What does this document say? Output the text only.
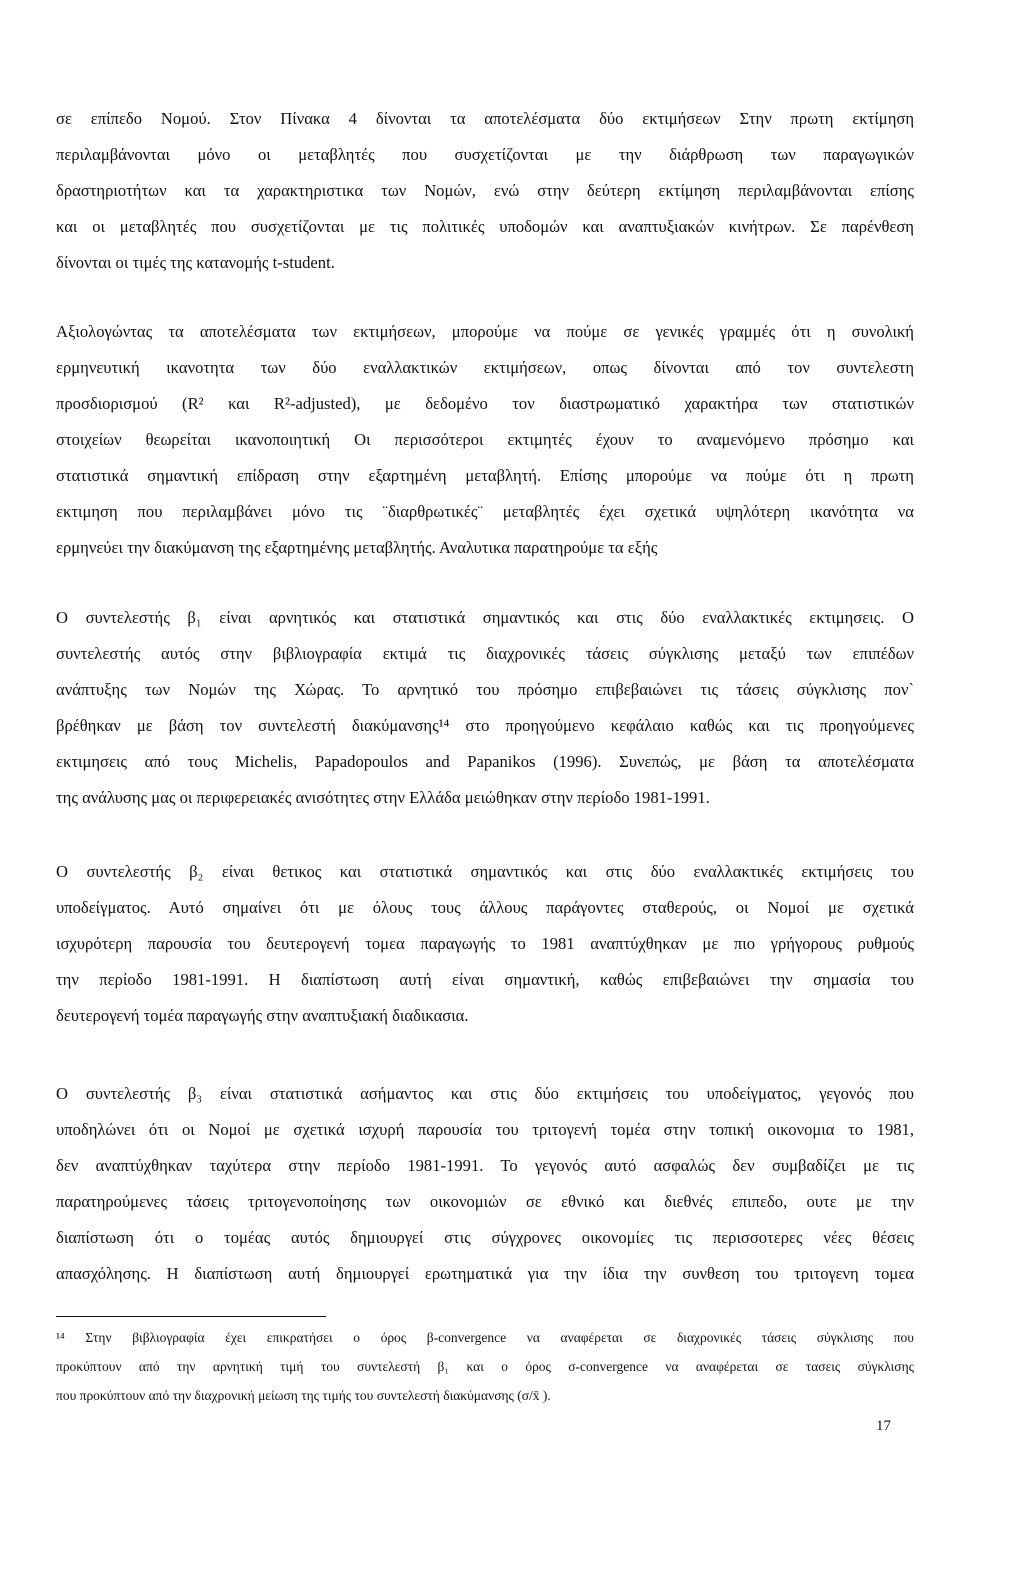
σε επίπεδο Νομού. Στον Πίνακα 4 δίνονται τα αποτελέσματα δύο εκτιμήσεων Στην πρωτη εκτίμηση
περιλαμβάνονται μόνο οι μεταβλητές που συσχετίζονται με την διάρθρωση των παραγωγικών
δραστηριοτήτων και τα χαρακτηριστικα των Νομών, ενώ στην δεύτερη εκτίμηση περιλαμβάνονται επίσης
και οι μεταβλητές που συσχετίζονται με τις πολιτικές υποδομών και αναπτυξιακών κινήτρων. Σε παρένθεση
δίνονται οι τιμές της κατανομής t-student.
Αξιολογώντας τα αποτελέσματα των εκτιμήσεων, μπορούμε να πούμε σε γενικές γραμμές ότι η συνολική
ερμηνευτική ικανοτητα των δύο εναλλακτικών εκτιμήσεων, οπως δίνονται από τον συντελεστη
προσδιορισμού (R² και R²-adjusted), με δεδομένο τον διαστρωματικό χαρακτήρα των στατιστικών
στοιχείων θεωρείται ικανοποιητική Οι περισσότεροι εκτιμητές έχουν το αναμενόμενο πρόσημο και
στατιστικά σημαντική επίδραση στην εξαρτημένη μεταβλητή. Επίσης μπορούμε να πούμε ότι η πρωτη
εκτιμηση που περιλαμβάνει μόνο τις ¨διαρθρωτικές¨ μεταβλητές έχει σχετικά υψηλότερη ικανότητα να
ερμηνεύει την διακύμανση της εξαρτημένης μεταβλητής. Αναλυτικα παρατηρούμε τα εξής
Ο συντελεστής β₁ είναι αρνητικός και στατιστικά σημαντικός και στις δύο εναλλακτικές εκτιμησεις. Ο
συντελεστής αυτός στην βιβλιογραφία εκτιμά τις διαχρονικές τάσεις σύγκλισης μεταξύ των επιπέδων
ανάπτυξης των Νομών της Χώρας. Το αρνητικό του πρόσημο επιβεβαιώνει τις τάσεις σύγκλισης πον`
βρέθηκαν με βάση τον συντελεστή διακύμανσης¹⁴ στο προηγούμενο κεφάλαιο καθώς και τις προηγούμενες
εκτιμησεις από τους Michelis, Papadopoulos and Papanikos (1996). Συνεπώς, με βάση τα αποτελέσματα
της ανάλυσης μας οι περιφερειακές ανισότητες στην Ελλάδα μειώθηκαν στην περίοδο 1981-1991.
Ο συντελεστής β₂ είναι θετικος και στατιστικά σημαντικός και στις δύο εναλλακτικές εκτιμήσεις του
υποδείγματος. Αυτό σημαίνει ότι με όλους τους άλλους παράγοντες σταθερούς, οι Νομοί με σχετικά
ισχυρότερη παρουσία του δευτερογενή τομεα παραγωγής το 1981 αναπτύχθηκαν με πιο γρήγορους ρυθμούς
την περίοδο 1981-1991. Η διαπίστωση αυτή είναι σημαντική, καθώς επιβεβαιώνει την σημασία του
δευτερογενή τομέα παραγωγής στην αναπτυξιακή διαδικασια.
Ο συντελεστής β₃ είναι στατιστικά ασήμαντος και στις δύο εκτιμήσεις του υποδείγματος, γεγονός που
υποδηλώνει ότι οι Νομοί με σχετικά ισχυρή παρουσία του τριτογενή τομέα στην τοπική οικονομια το 1981,
δεν αναπτύχθηκαν ταχύτερα στην περίοδο 1981-1991. Το γεγονός αυτό ασφαλώς δεν συμβαδίζει με τις
παρατηρούμενες τάσεις τριτογενοποίησης των οικονομιών σε εθνικό και διεθνές επιπεδο, ουτε με την
διαπίστωση ότι ο τομέας αυτός δημιουργεί στις σύγχρονες οικονομίες τις περισσοτερες νέες θέσεις
απασχόλησης. Η διαπίστωση αυτή δημιουργεί ερωτηματικά για την ίδια την συνθεση του τριτογενη τομεα
¹⁴ Στην βιβλιογραφία έχει επικρατήσει ο όρος β-convergence να αναφέρεται σε διαχρονικές τάσεις σύγκλισης που
προκύπτουν από την αρνητική τιμή του συντελεστή β₁ και ο όρος σ-convergence να αναφέρεται σε τασεις σύγκλισης
που προκύπτουν από την διαχρονική μείωση της τιμής του συντελεστή διακύμανσης (σ/x̄ ).
17
